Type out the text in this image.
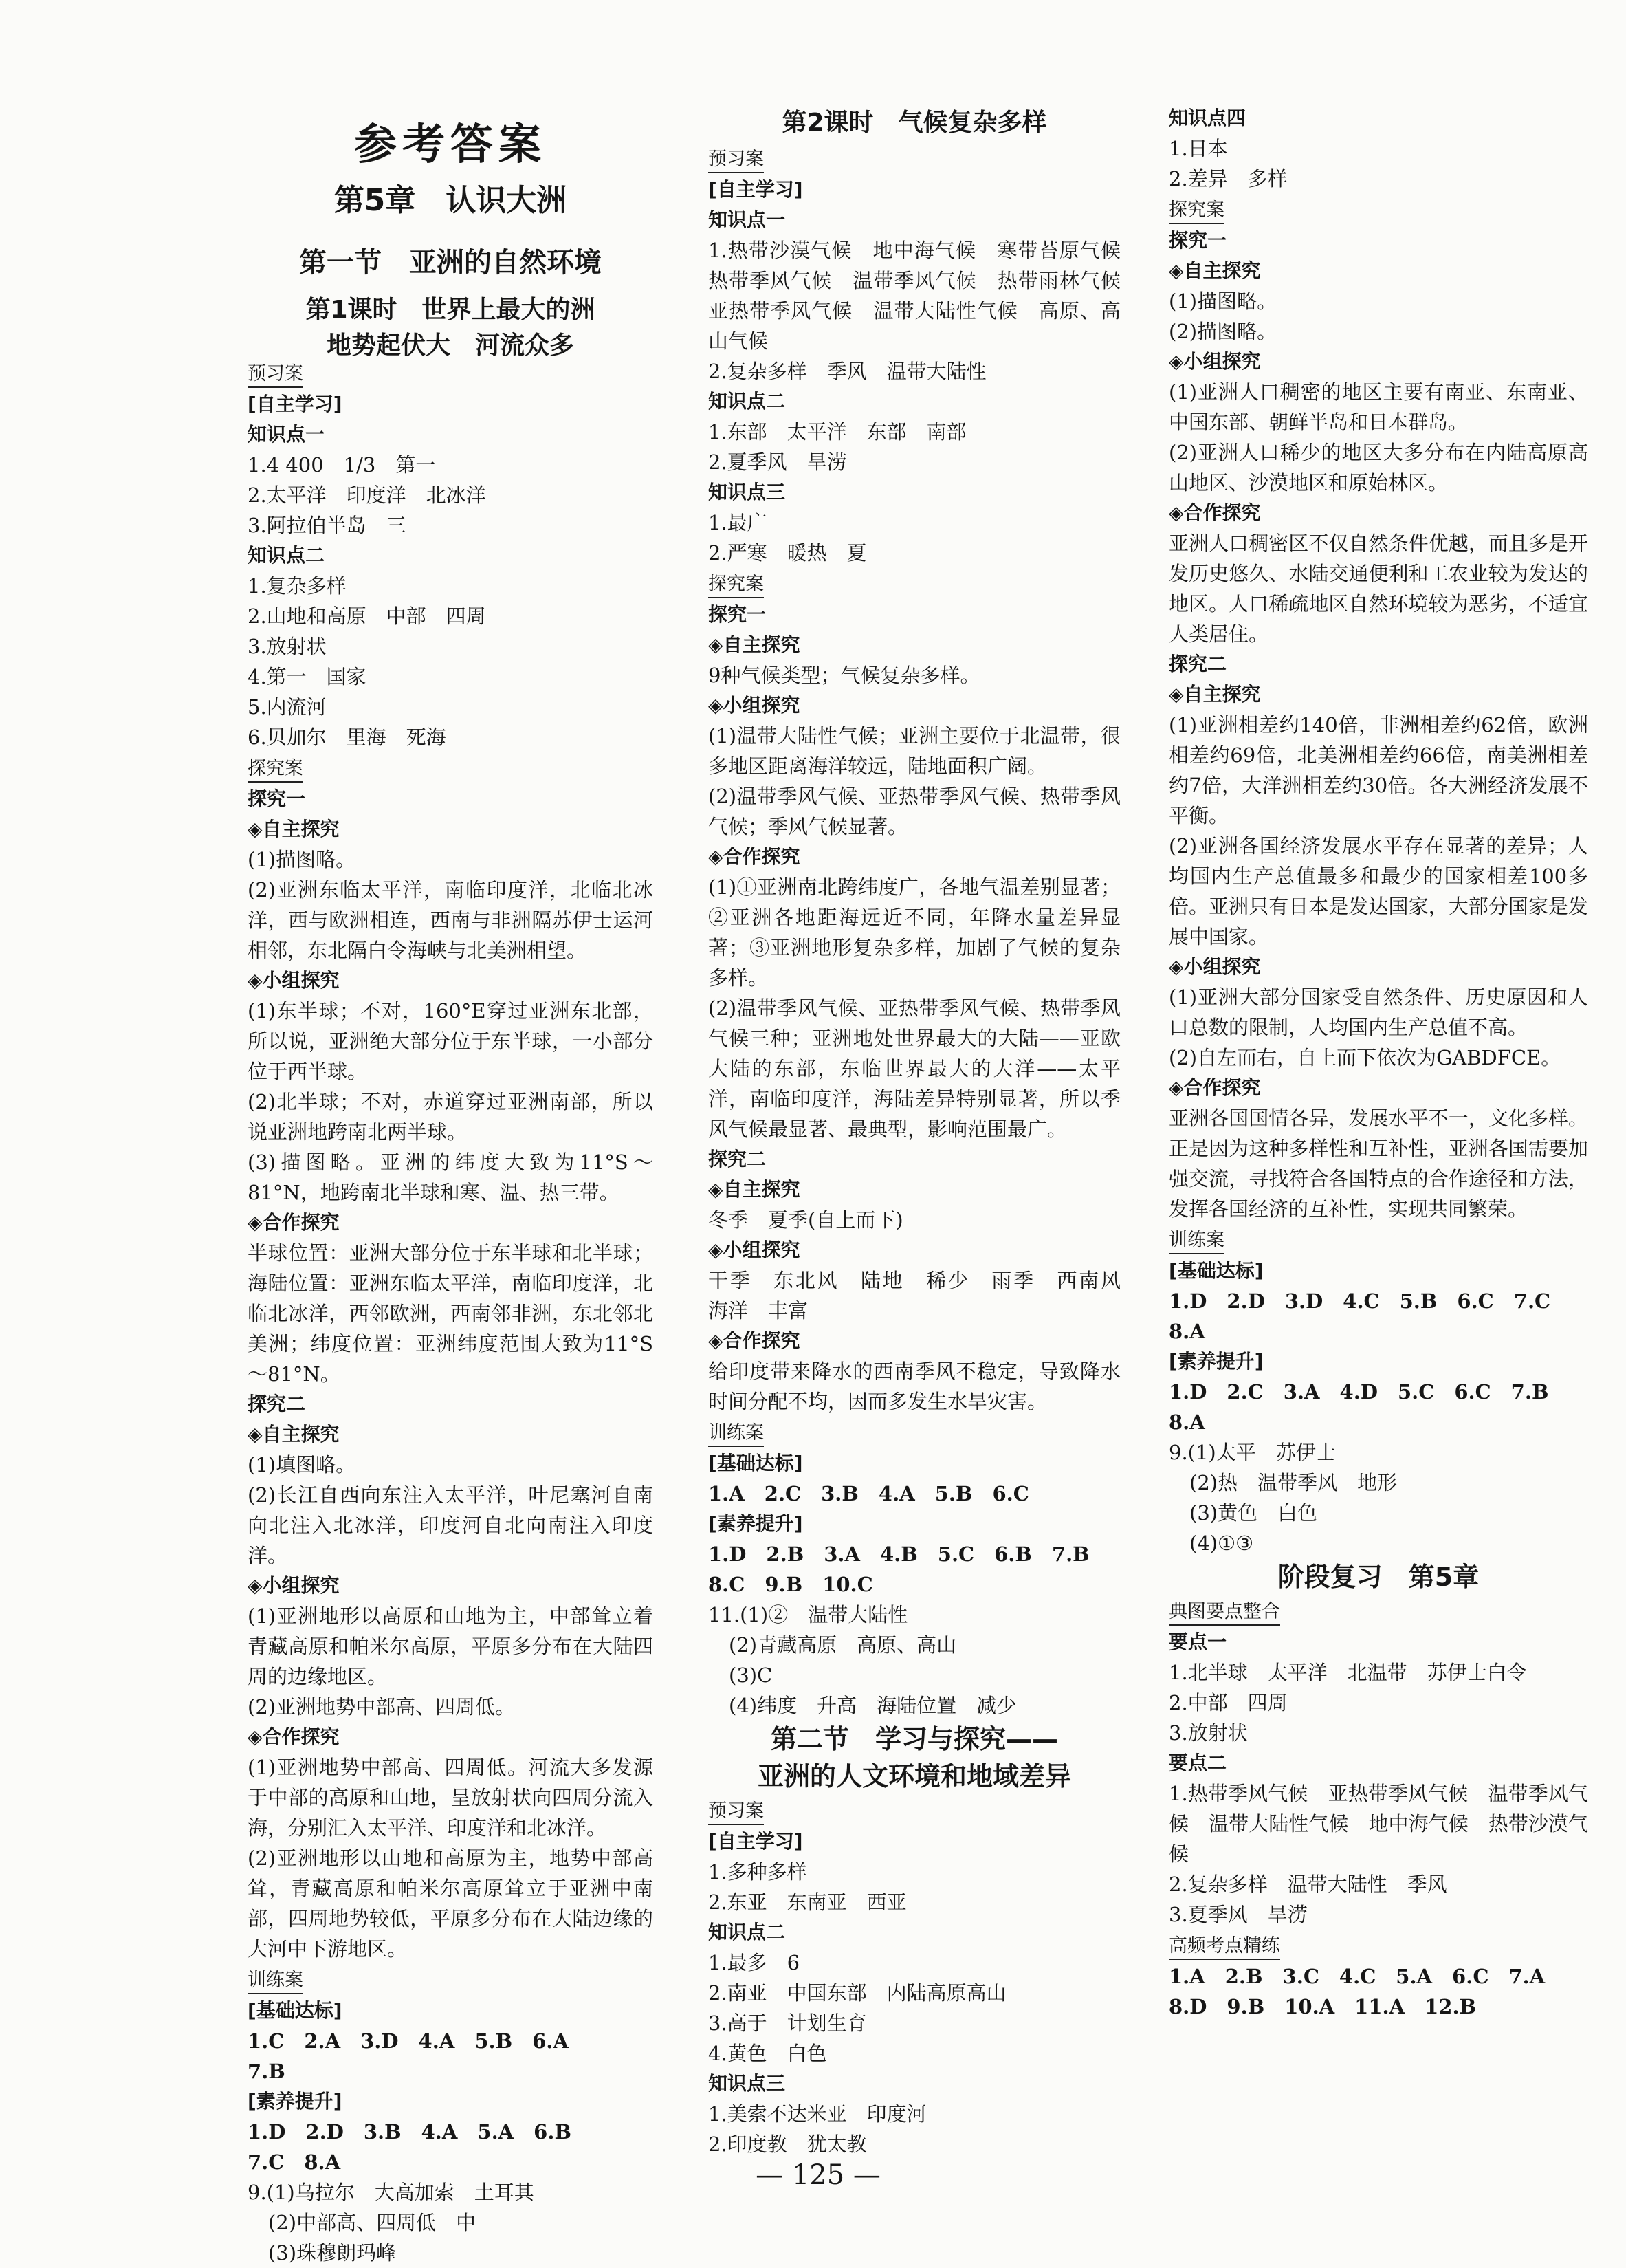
参考答案
第5章　认识大洲
第一节　亚洲的自然环境
第1课时　世界上最大的洲
地势起伏大　河流众多
预习案
[自主学习]
知识点一
1.4 400　1/3　第一
2.太平洋　印度洋　北冰洋
3.阿拉伯半岛　三
知识点二
1.复杂多样
2.山地和高原　中部　四周
3.放射状
4.第一　国家
5.内流河
6.贝加尔　里海　死海
探究案
探究一
◈自主探究
(1)描图略。
(2)亚洲东临太平洋，南临印度洋，北临北冰洋，西与欧洲相连，西南与非洲隔苏伊士运河相邻，东北隔白令海峡与北美洲相望。
◈小组探究
(1)东半球；不对，160°E穿过亚洲东北部，所以说，亚洲绝大部分位于东半球，一小部分位于西半球。
(2)北半球；不对，赤道穿过亚洲南部，所以说亚洲地跨南北两半球。
(3)描图略。亚洲的纬度大致为11°S～81°N，地跨南北半球和寒、温、热三带。
◈合作探究
半球位置：亚洲大部分位于东半球和北半球；海陆位置：亚洲东临太平洋，南临印度洋，北临北冰洋，西邻欧洲，西南邻非洲，东北邻北美洲；纬度位置：亚洲纬度范围大致为11°S～81°N。
探究二
◈自主探究
(1)填图略。
(2)长江自西向东注入太平洋，叶尼塞河自南向北注入北冰洋，印度河自北向南注入印度洋。
◈小组探究
(1)亚洲地形以高原和山地为主，中部耸立着青藏高原和帕米尔高原，平原多分布在大陆四周的边缘地区。
(2)亚洲地势中部高、四周低。
◈合作探究
(1)亚洲地势中部高、四周低。河流大多发源于中部的高原和山地，呈放射状向四周分流入海，分别汇入太平洋、印度洋和北冰洋。
(2)亚洲地形以山地和高原为主，地势中部高耸，青藏高原和帕米尔高原耸立于亚洲中南部，四周地势较低，平原多分布在大陆边缘的大河中下游地区。
训练案
[基础达标]
1.C　2.A　3.D　4.A　5.B　6.A
7.B
[素养提升]
1.D　2.D　3.B　4.A　5.A　6.B
7.C　8.A
9.(1)乌拉尔　大高加索　土耳其
(2)中部高、四周低　中
(3)珠穆朗玛峰
第2课时　气候复杂多样
预习案
[自主学习]
知识点一
1.热带沙漠气候　地中海气候　寒带苔原气候　热带季风气候　温带季风气候　热带雨林气候　亚热带季风气候　温带大陆性气候　高原、高山气候
2.复杂多样　季风　温带大陆性
知识点二
1.东部　太平洋　东部　南部
2.夏季风　旱涝
知识点三
1.最广
2.严寒　暖热　夏
探究案
探究一
◈自主探究
9种气候类型；气候复杂多样。
◈小组探究
(1)温带大陆性气候；亚洲主要位于北温带，很多地区距离海洋较远，陆地面积广阔。
(2)温带季风气候、亚热带季风气候、热带季风气候；季风气候显著。
◈合作探究
(1)①亚洲南北跨纬度广，各地气温差别显著；②亚洲各地距海远近不同，年降水量差异显著；③亚洲地形复杂多样，加剧了气候的复杂多样。
(2)温带季风气候、亚热带季风气候、热带季风气候三种；亚洲地处世界最大的大陆——亚欧大陆的东部，东临世界最大的大洋——太平洋，南临印度洋，海陆差异特别显著，所以季风气候最显著、最典型，影响范围最广。
探究二
◈自主探究
冬季　夏季(自上而下)
◈小组探究
干季　东北风　陆地　稀少　雨季　西南风　海洋　丰富
◈合作探究
给印度带来降水的西南季风不稳定，导致降水时间分配不均，因而多发生水旱灾害。
训练案
[基础达标]
1.A　2.C　3.B　4.A　5.B　6.C
[素养提升]
1.D　2.B　3.A　4.B　5.C　6.B　7.B
8.C　9.B　10.C
11.(1)②　温带大陆性
(2)青藏高原　高原、高山
(3)C
(4)纬度　升高　海陆位置　减少
第二节　学习与探究——
亚洲的人文环境和地域差异
预习案
[自主学习]
1.多种多样
2.东亚　东南亚　西亚
知识点二
1.最多　6
2.南亚　中国东部　内陆高原高山
3.高于　计划生育
4.黄色　白色
知识点三
1.美索不达米亚　印度河
2.印度教　犹太教
知识点四
1.日本
2.差异　多样
探究案
探究一
◈自主探究
(1)描图略。
(2)描图略。
◈小组探究
(1)亚洲人口稠密的地区主要有南亚、东南亚、中国东部、朝鲜半岛和日本群岛。
(2)亚洲人口稀少的地区大多分布在内陆高原高山地区、沙漠地区和原始林区。
◈合作探究
亚洲人口稠密区不仅自然条件优越，而且多是开发历史悠久、水陆交通便利和工农业较为发达的地区。人口稀疏地区自然环境较为恶劣，不适宜人类居住。
探究二
◈自主探究
(1)亚洲相差约140倍，非洲相差约62倍，欧洲相差约69倍，北美洲相差约66倍，南美洲相差约7倍，大洋洲相差约30倍。各大洲经济发展不平衡。
(2)亚洲各国经济发展水平存在显著的差异；人均国内生产总值最多和最少的国家相差100多倍。亚洲只有日本是发达国家，大部分国家是发展中国家。
◈小组探究
(1)亚洲大部分国家受自然条件、历史原因和人口总数的限制，人均国内生产总值不高。
(2)自左而右，自上而下依次为GABDFCE。
◈合作探究
亚洲各国国情各异，发展水平不一，文化多样。正是因为这种多样性和互补性，亚洲各国需要加强交流，寻找符合各国特点的合作途径和方法，发挥各国经济的互补性，实现共同繁荣。
训练案
[基础达标]
1.D　2.D　3.D　4.C　5.B　6.C　7.C
8.A
[素养提升]
1.D　2.C　3.A　4.D　5.C　6.C　7.B
8.A
9.(1)太平　苏伊士
(2)热　温带季风　地形
(3)黄色　白色
(4)①③
阶段复习　第5章
典图要点整合
要点一
1.北半球　太平洋　北温带　苏伊士白令
2.中部　四周
3.放射状
要点二
1.热带季风气候　亚热带季风气候　温带季风气候　温带大陆性气候　地中海气候　热带沙漠气候
2.复杂多样　温带大陆性　季风
3.夏季风　旱涝
高频考点精练
1.A　2.B　3.C　4.C　5.A　6.C　7.A
8.D　9.B　10.A　11.A　12.B
— 125 —
